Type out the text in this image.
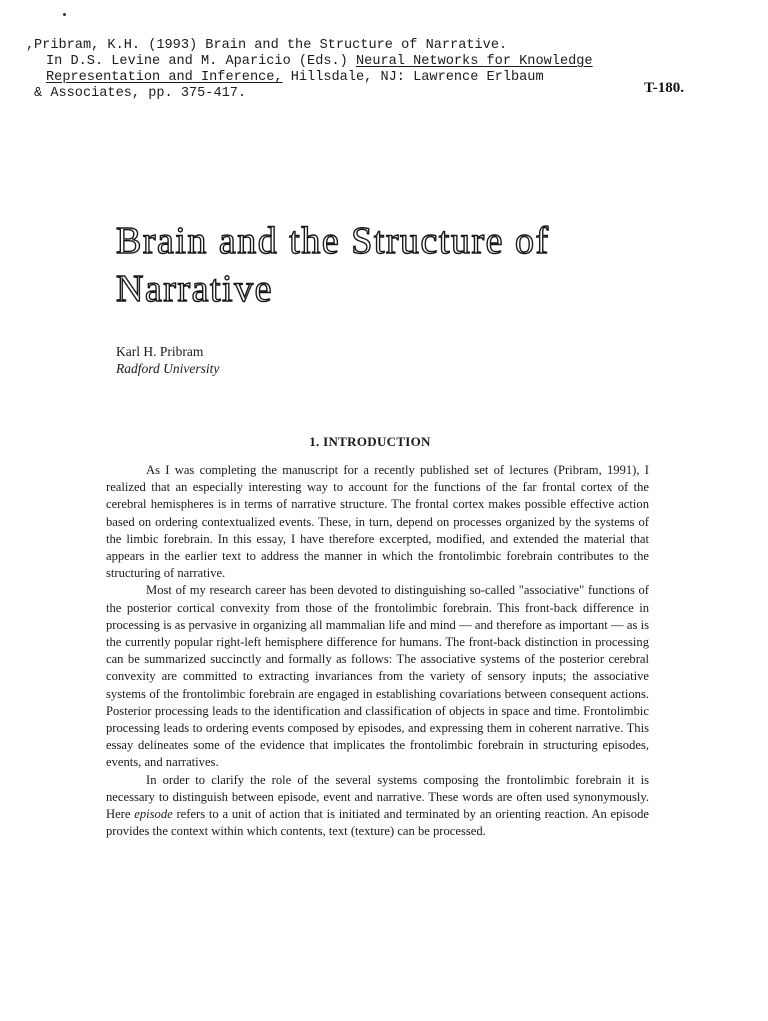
,Pribram, K.H. (1993) Brain and the Structure of Narrative.
In D.S. Levine and M. Aparicio (Eds.) Neural Networks for Knowledge
Representation and Inference, Hillsdale, NJ: Lawrence Erlbaum
& Associates, pp. 375-417.	T-180.
Brain and the Structure of
Narrative
Karl H. Pribram
Radford University
1. INTRODUCTION

As I was completing the manuscript for a recently published set of lectures (Pribram, 1991), I realized that an especially interesting way to account for the functions of the far frontal cortex of the cerebral hemispheres is in terms of narrative structure. The frontal cortex makes possible effective action based on ordering contextualized events. These, in turn, depend on processes organized by the systems of the limbic forebrain. In this essay, I have therefore excerpted, modified, and extended the material that appears in the earlier text to address the manner in which the frontolimbic forebrain contributes to the structuring of narrative.

Most of my research career has been devoted to distinguishing so-called "associative" functions of the posterior cortical convexity from those of the frontolimbic forebrain. This front-back difference in processing is as pervasive in organizing all mammalian life and mind — and therefore as important — as is the currently popular right-left hemisphere difference for humans. The front-back distinction in processing can be summarized succinctly and formally as follows: The associative systems of the posterior cerebral convexity are committed to extracting invariances from the variety of sensory inputs; the associative systems of the frontolimbic forebrain are engaged in establishing covariations between consequent actions. Posterior processing leads to the identification and classification of objects in space and time. Frontolimbic processing leads to ordering events composed by episodes, and expressing them in coherent narrative. This essay delineates some of the evidence that implicates the frontolimbic forebrain in structuring episodes, events, and narratives.

In order to clarify the role of the several systems composing the frontolimbic forebrain it is necessary to distinguish between episode, event and narrative. These words are often used synonymously. Here episode refers to a unit of action that is initiated and terminated by an orienting reaction. An episode provides the context within which contents, text (texture) can be processed.
